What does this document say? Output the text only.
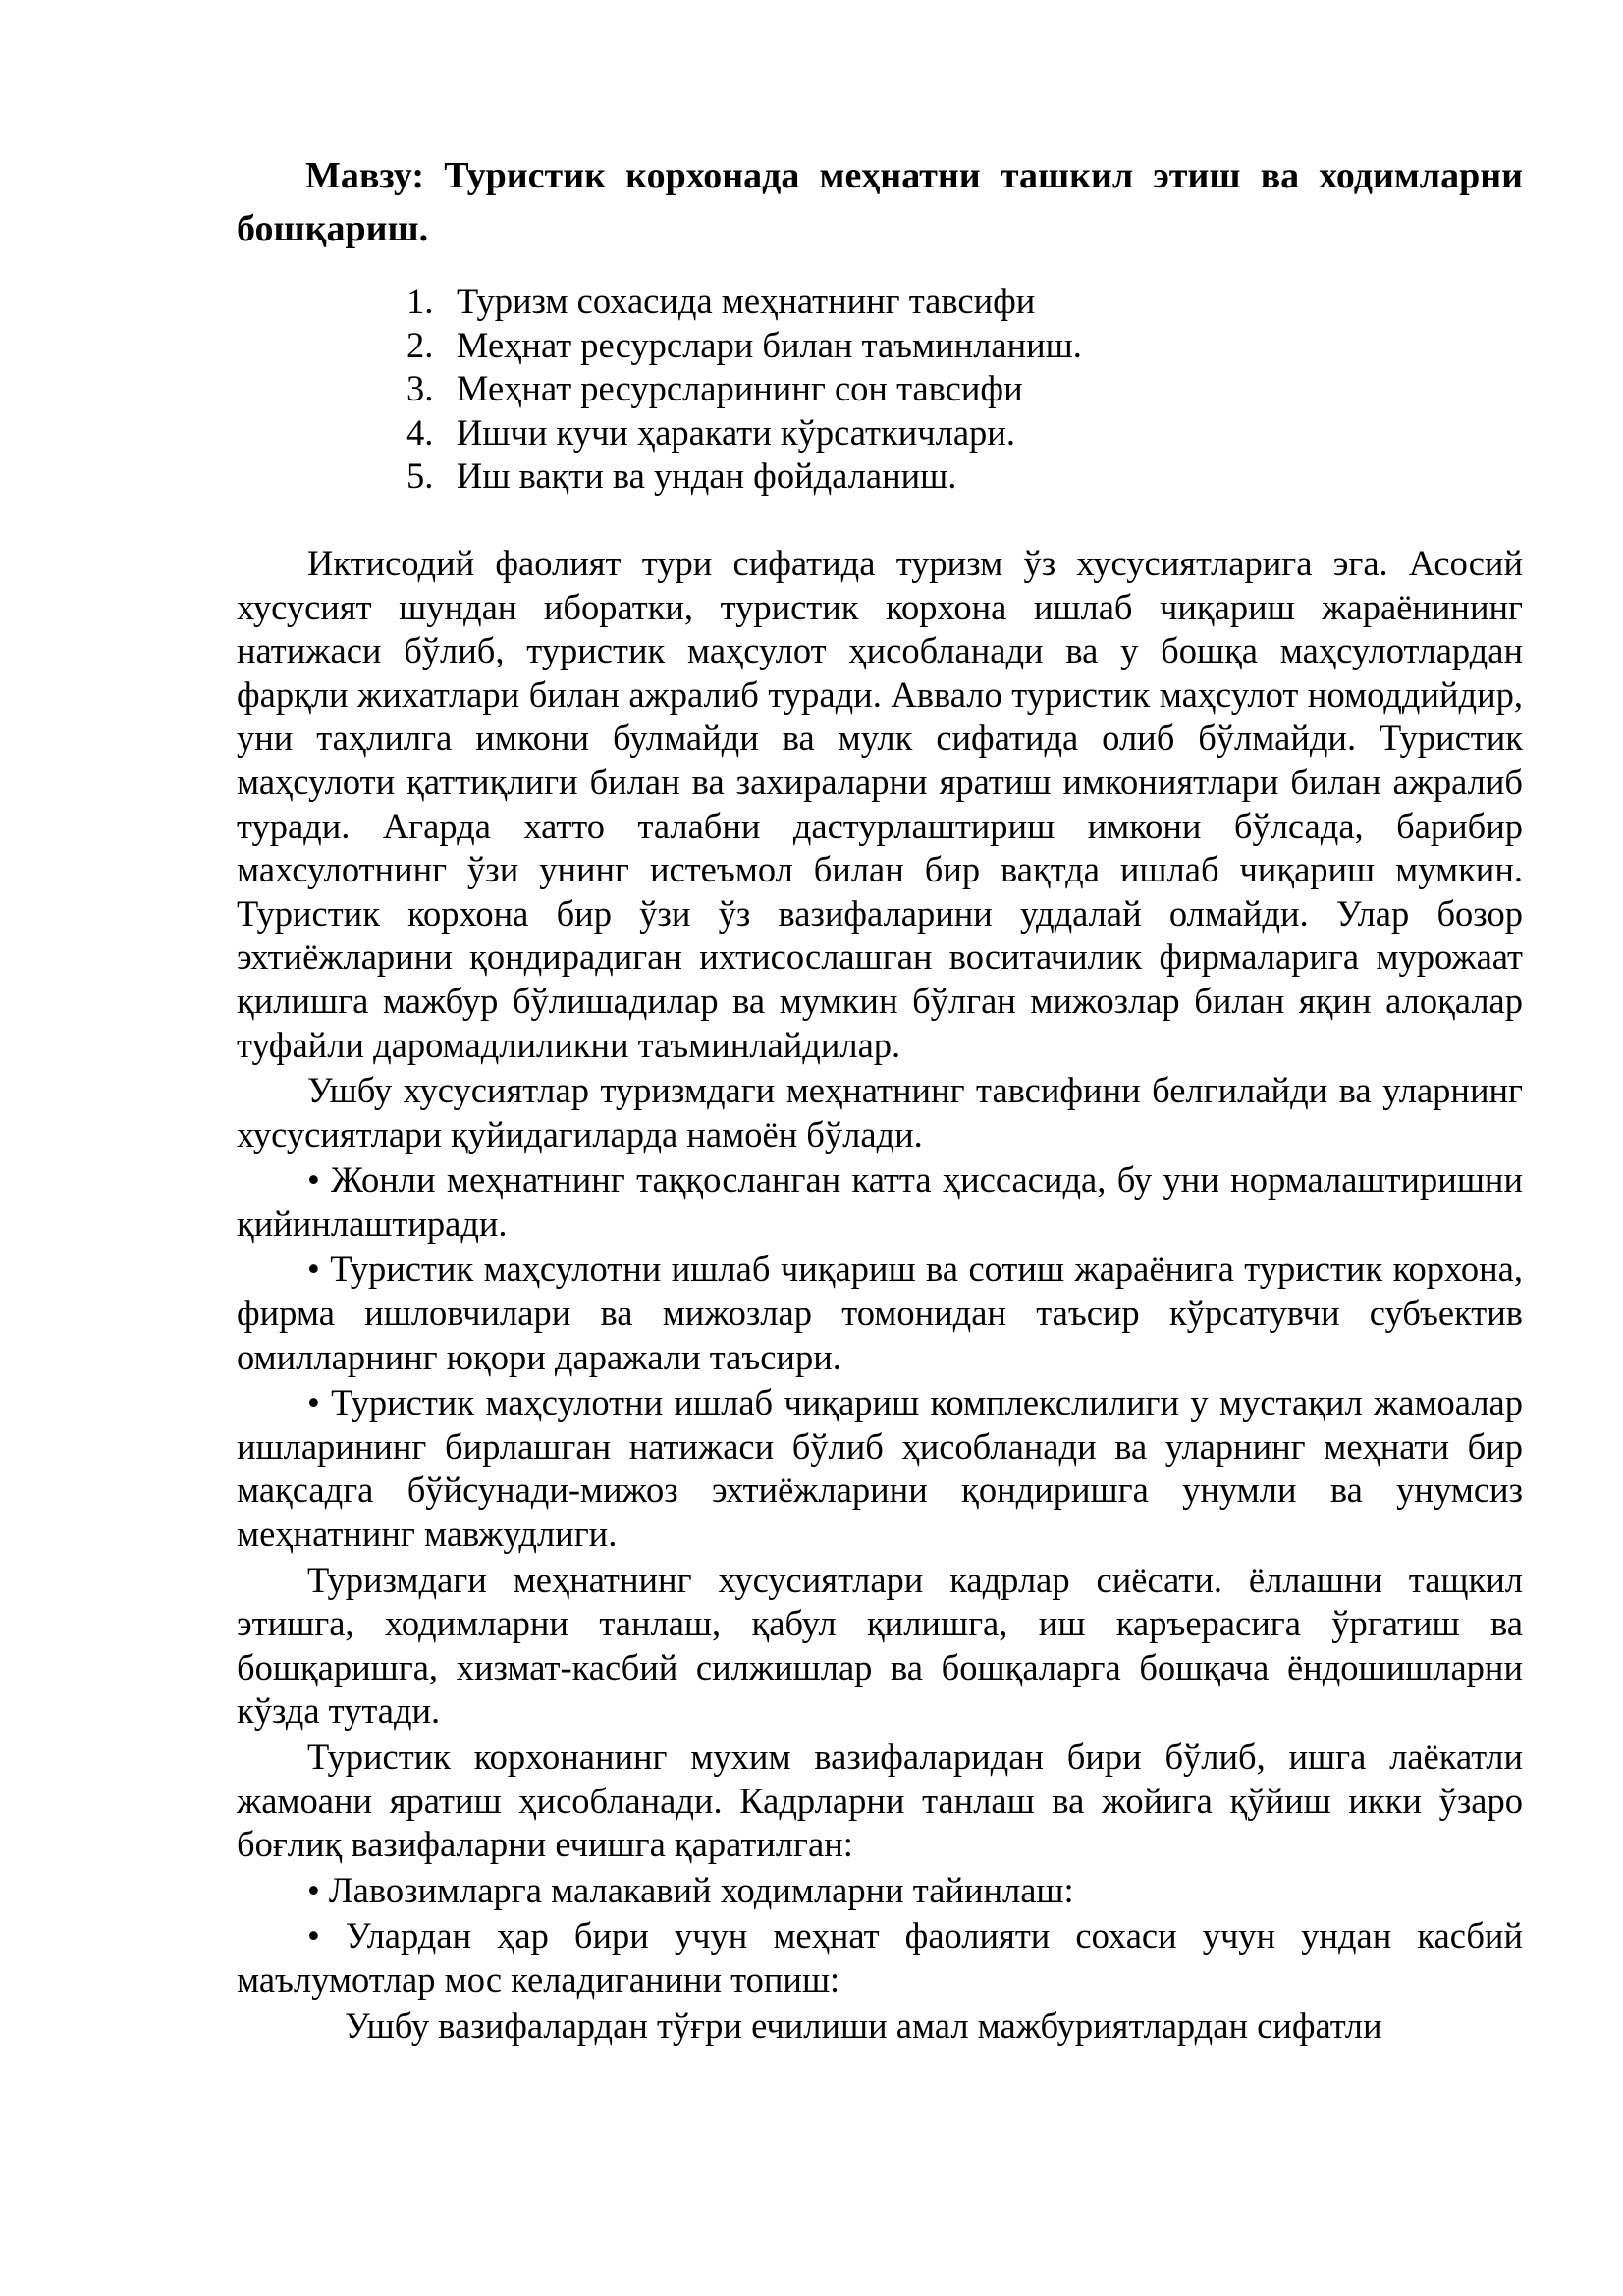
Мавзу: Туристик корхонада меҳнатни ташкил этиш ва ходимларни бошқариш.
1. Туризм сохасида меҳнатнинг тавсифи
2. Меҳнат ресурслари билан таъминланиш.
3. Меҳнат ресурсларининг сон тавсифи
4. Ишчи кучи ҳаракати кўрсаткичлари.
5. Иш вақти ва ундан фойдаланиш.

Иктисодий фаолият тури сифатида туризм ўз хусусиятларига эга. Асосий хусусият шундан иборатки, туристик корхона ишлаб чиқариш жараёнининг натижаси бўлиб, туристик маҳсулот ҳисобланади ва у бошқа маҳсулотлардан фарқли жихатлари билан ажралиб туради. Аввало туристик маҳсулот номоддийдир, уни таҳлилга имкони булмайди ва мулк сифатида олиб бўлмайди. Туристик маҳсулоти қаттиқлиги билан ва захираларни яратиш имкониятлари билан ажралиб туради. Агарда хатто талабни дастурлаштириш имкони бўлсада, барибир махсулотнинг ўзи унинг истеъмол билан бир вақтда ишлаб чиқариш мумкин. Туристик корхона бир ўзи ўз вазифаларини уддалай олмайди. Улар бозор эхтиёжларини қондирадиган ихтисослашган воситачилик фирмаларига мурожаат қилишга мажбур бўлишадилар ва мумкин бўлган мижозлар билан яқин алоқалар туфайли даромадлиликни таъминлайдилар.

Ушбу хусусиятлар туризмдаги меҳнатнинг тавсифини белгилайди ва уларнинг хусусиятлари қуйидагиларда намоён бўлади.

• Жонли меҳнатнинг таққосланган катта ҳиссасида, бу уни нормалаштиришни қийинлаштиради.

• Туристик маҳсулотни ишлаб чиқариш ва сотиш жараёнига туристик корхона, фирма ишловчилари ва мижозлар томонидан таъсир кўрсатувчи субъектив омилларнинг юқори даражали таъсири.

• Туристик маҳсулотни ишлаб чиқариш комплекслилиги у мустақил жамоалар ишларининг бирлашган натижаси бўлиб ҳисобланади ва уларнинг меҳнати бир мақсадга бўйсунади-мижоз эхтиёжларини қондиришга унумли ва унумсиз меҳнатнинг мавжудлиги.

Туризмдаги меҳнатнинг хусусиятлари кадрлар сиёсати. ёллашни тащкил этишга, ходимларни танлаш, қабул қилишга, иш каръерасига ўргатиш ва бошқаришга, хизмат-касбий силжишлар ва бошқаларга бошқача ёндошишларни кўзда тутади.

Туристик корхонанинг мухим вазифаларидан бири бўлиб, ишга лаёкатли жамоани яратиш ҳисобланади. Кадрларни танлаш ва жойига қўйиш икки ўзаро боғлиқ вазифаларни ечишга қаратилган:

• Лавозимларга малакавий ходимларни тайинлаш:

• Улардан ҳар бири учун меҳнат фаолияти сохаси учун ундан касбий маълумотлар мос келадиганини топиш:

Ушбу вазифалардан тўғри ечилиши амал мажбуриятлардан сифатли
